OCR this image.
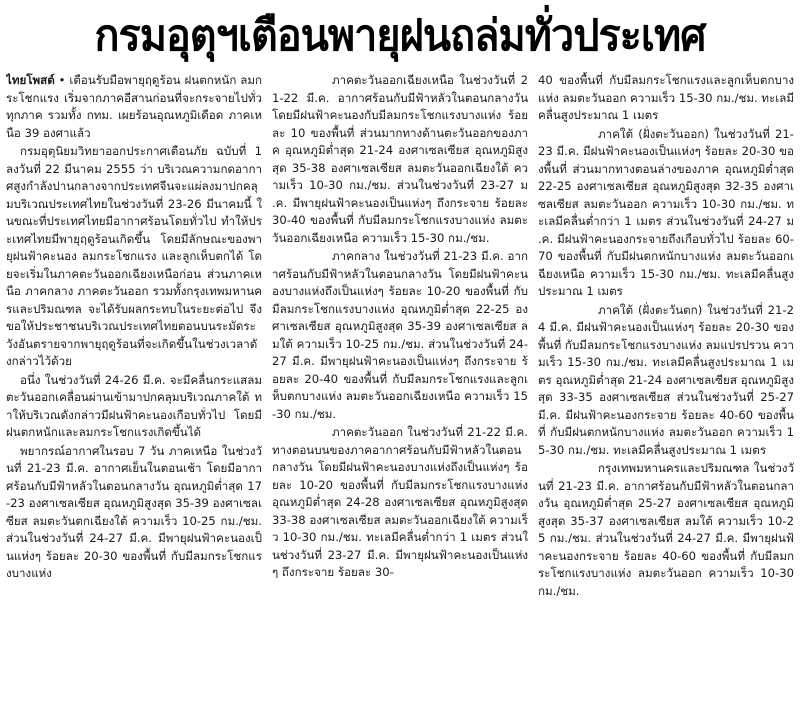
กรมอุตุฯเตือนพายุฝนถล่มทั่วประเทศ

ไทยโพสต์ • เตือนรับมือพายุฤดูร้อน ฝนตกหนัก ลมกระโชกแรง เริ่มจากภาคอีสานก่อนที่จะกระจายไปทั่วทุกภาค รวมทั้ง กทม. เผยร้อนอุณหภูมิเดือด ภาคเหนือ 39 องศาแล้ว

กรมอุตุนิยมวิทยาออกประกาศเตือนภัย ฉบับที่ 1 ลงวันที่ 22 มีนาคม 2555 ว่า บริเวณความกดอากาศสูงกำลังปานกลางจากประเทศจีนจะแผ่ลงมาปกคลุมบริเวณประเทศไทยในช่วงวันที่ 23-26 มีนาคมนี้ ในขณะที่ประเทศไทยมีอากาศร้อนโดยทั่วไป ทำให้ประเทศไทยมีพายุฤดูร้อนเกิดขึ้น โดยมีลักษณะของพายุฝนฟ้าคะนอง ลมกระโชกแรง และลูกเห็บตกได้ โดยจะเริ่มในภาคตะวันออกเฉียงเหนือก่อน ส่วนภาคเหนือ ภาคกลาง ภาคตะวันออก รวมทั้งกรุงเทพมหานครและปริมณฑล จะได้รับผลกระทบในระยะต่อไป จึงขอให้ประชาชนบริเวณประเทศไทยตอนบนระมัดระวังอันตรายจากพายุฤดูร้อนที่จะเกิดขึ้นในช่วงเวลาดังกล่าวไว้ด้วย

อนึ่ง ในช่วงวันที่ 24-26 มี.ค. จะมีคลื่นกระแสลมตะวันออกเคลื่อนผ่านเข้ามาปกคลุมบริเวณภาคใต้ ทำให้บริเวณดังกล่าวมีฝนฟ้าคะนองเกือบทั่วไป โดยมีฝนตกหนักและลมกระโชกแรงเกิดขึ้นได้

พยากรณ์อากาศในรอบ 7 วัน ภาคเหนือ ในช่วงวันที่ 21-23 มี.ค. อากาศเย็นในตอนเช้า โดยมีอากาศร้อนกับมีฟ้าหลัวในตอนกลางวัน อุณหภูมิต่ำสุด 17-23 องศาเซลเซียส อุณหภูมิสูงสุด 35-39 องศาเซลเซียส ลมตะวันตกเฉียงใต้ ความเร็ว 10-25 กม./ชม. ส่วนในช่วงวันที่ 24-27 มี.ค. มีพายุฝนฟ้าคะนองเป็นแห่งๆ ร้อยละ 20-30 ของพื้นที่ กับมีลมกระโชกแรงบางแห่ง

ภาคตะวันออกเฉียงเหนือ ในช่วงวันที่ 21-22 มี.ค. อากาศร้อนกับมีฟ้าหลัวในตอนกลางวัน โดยมีฝนฟ้าคะนองกับมีลมกระโชกแรงบางแห่ง ร้อยละ 10 ของพื้นที่ ส่วนมากทางด้านตะวันออกของภาค อุณหภูมิต่ำสุด 21-24 องศาเซลเซียส อุณหภูมิสูงสุด 35-38 องศาเซลเซียส ลมตะวันออกเฉียงใต้ ความเร็ว 10-30 กม./ชม. ส่วนในช่วงวันที่ 23-27 มี.ค. มีพายุฝนฟ้าคะนองเป็นแห่งๆ ถึงกระจาย ร้อยละ 30-40 ของพื้นที่ กับมีลมกระโชกแรงบางแห่ง ลมตะวันออกเฉียงเหนือ ความเร็ว 15-30 กม./ชม.

ภาคกลาง ในช่วงวันที่ 21-23 มี.ค. อากาศร้อนกับมีฟ้าหลัวในตอนกลางวัน โดยมีฝนฟ้าคะนองบางแห่งถึงเป็นแห่งๆ ร้อยละ 10-20 ของพื้นที่ กับมีลมกระโชกแรงบางแห่ง อุณหภูมิต่ำสุด 22-25 องศาเซลเซียส อุณหภูมิสูงสุด 35-39 องศาเซลเซียส ลมใต้ ความเร็ว 10-25 กม./ชม. ส่วนในช่วงวันที่ 24-27 มี.ค. มีพายุฝนฟ้าคะนองเป็นแห่งๆ ถึงกระจาย ร้อยละ 20-40 ของพื้นที่ กับมีลมกระโชกแรงและลูกเห็บตกบางแห่ง ลมตะวันออกเฉียงเหนือ ความเร็ว 15-30 กม./ชม.

ภาคตะวันออก ในช่วงวันที่ 21-22 มี.ค. ทางตอนบนของภาคอากาศร้อนกับมีฟ้าหลัวในตอนกลางวัน โดยมีฝนฟ้าคะนองบางแห่งถึงเป็นแห่งๆ ร้อยละ 10-20 ของพื้นที่ กับมีลมกระโชกแรงบางแห่ง อุณหภูมิต่ำสุด 24-28 องศาเซลเซียส อุณหภูมิสูงสุด 33-38 องศาเซลเซียส ลมตะวันออกเฉียงใต้ ความเร็ว 10-30 กม./ชม. ทะเลมีคลื่นต่ำกว่า 1 เมตร ส่วนในช่วงวันที่ 23-27 มี.ค. มีพายุฝนฟ้าคะนองเป็นแห่งๆ ถึงกระจาย ร้อยละ 30-

40 ของพื้นที่ กับมีลมกระโชกแรงและลูกเห็บตกบางแห่ง ลมตะวันออก ความเร็ว 15-30 กม./ชม. ทะเลมีคลื่นสูงประมาณ 1 เมตร

ภาคใต้ (ฝั่งตะวันออก) ในช่วงวันที่ 21-23 มี.ค. มีฝนฟ้าคะนองเป็นแห่งๆ ร้อยละ 20-30 ของพื้นที่ ส่วนมากทางตอนล่างของภาค อุณหภูมิต่ำสุด 22-25 องศาเซลเซียส อุณหภูมิสูงสุด 32-35 องศาเซลเซียส ลมตะวันออก ความเร็ว 10-30 กม./ชม. ทะเลมีคลื่นต่ำกว่า 1 เมตร ส่วนในช่วงวันที่ 24-27 มี.ค. มีฝนฟ้าคะนองกระจายถึงเกือบทั่วไป ร้อยละ 60-70 ของพื้นที่ กับมีฝนตกหนักบางแห่ง ลมตะวันออกเฉียงเหนือ ความเร็ว 15-30 กม./ชม. ทะเลมีคลื่นสูงประมาณ 1 เมตร

ภาคใต้ (ฝั่งตะวันตก) ในช่วงวันที่ 21-24 มี.ค. มีฝนฟ้าคะนองเป็นแห่งๆ ร้อยละ 20-30 ของพื้นที่ กับมีลมกระโชกแรงบางแห่ง ลมแปรปรวน ความเร็ว 15-30 กม./ชม. ทะเลมีคลื่นสูงประมาณ 1 เมตร อุณหภูมิต่ำสุด 21-24 องศาเซลเซียส อุณหภูมิสูงสุด 33-35 องศาเซลเซียส ส่วนในช่วงวันที่ 25-27 มี.ค. มีฝนฟ้าคะนองกระจาย ร้อยละ 40-60 ของพื้นที่ กับมีฝนตกหนักบางแห่ง ลมตะวันออก ความเร็ว 15-30 กม./ชม. ทะเลมีคลื่นสูงประมาณ 1 เมตร

กรุงเทพมหานครและปริมณฑล ในช่วงวันที่ 21-23 มี.ค. อากาศร้อนกับมีฟ้าหลัวในตอนกลางวัน อุณหภูมิต่ำสุด 25-27 องศาเซลเซียส อุณหภูมิสูงสุด 35-37 องศาเซลเซียส ลมใต้ ความเร็ว 10-25 กม./ชม. ส่วนในช่วงวันที่ 24-27 มี.ค. มีพายุฝนฟ้าคะนองกระจาย ร้อยละ 40-60 ของพื้นที่ กับมีลมกระโชกแรงบางแห่ง ลมตะวันออก ความเร็ว 10-30 กม./ชม.
